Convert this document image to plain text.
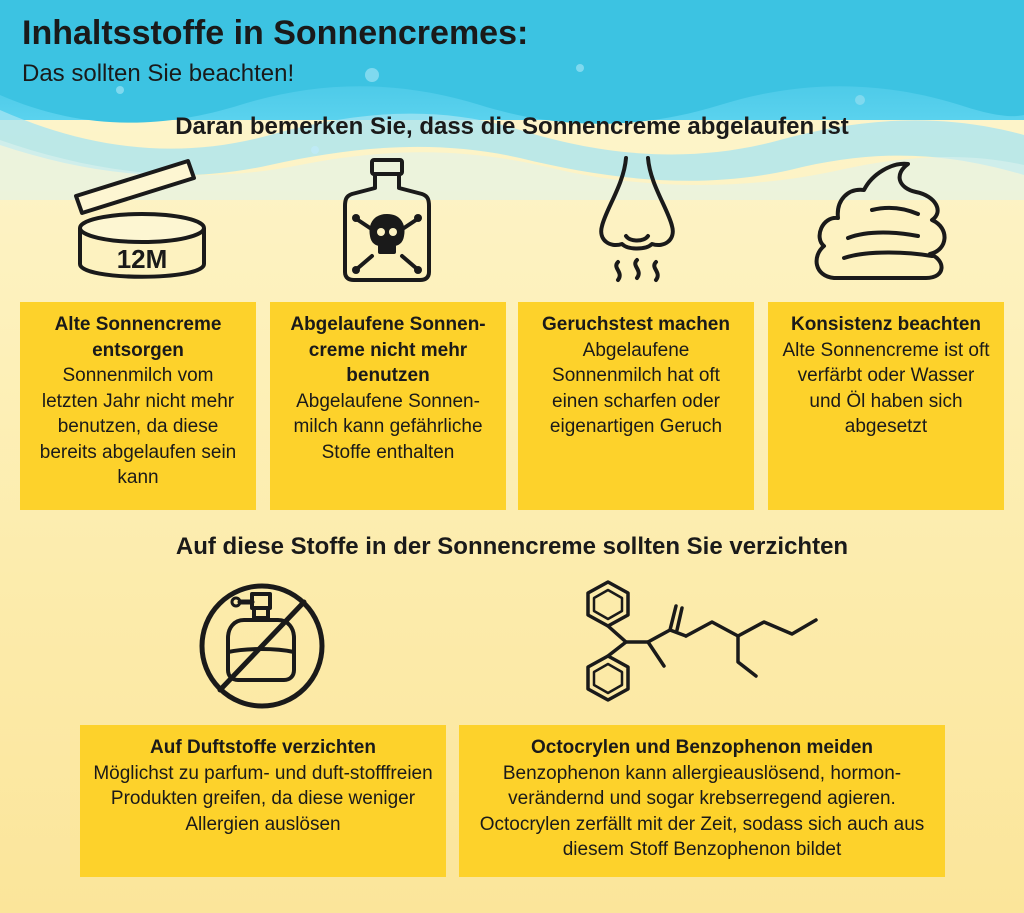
Inhaltsstoffe in Sonnencremes:
Das sollten Sie beachten!
Daran bemerken Sie, dass die Sonnencreme abgelaufen ist
12M
Alte Sonnencreme entsorgen
Sonnenmilch vom letzten Jahr nicht mehr benutzen, da diese bereits abgelaufen sein kann
Abgelaufene Sonnen-creme nicht mehr benutzen
Abgelaufene Sonnen-milch kann gefährliche Stoffe enthalten
Geruchstest machen
Abgelaufene Sonnenmilch hat oft einen scharfen oder eigenartigen Geruch
Konsistenz beachten
Alte Sonnencreme ist oft verfärbt oder Wasser und Öl haben sich abgesetzt
Auf diese Stoffe in der Sonnencreme sollten Sie verzichten
Auf Duftstoffe verzichten
Möglichst zu parfum- und duft-stofffreien Produkten greifen, da diese weniger Allergien auslösen
Octocrylen und Benzophenon meiden
Benzophenon kann allergieauslösend, hormon-verändernd und sogar krebserregend agieren. Octocrylen zerfällt mit der Zeit, sodass sich auch aus diesem Stoff Benzophenon bildet
